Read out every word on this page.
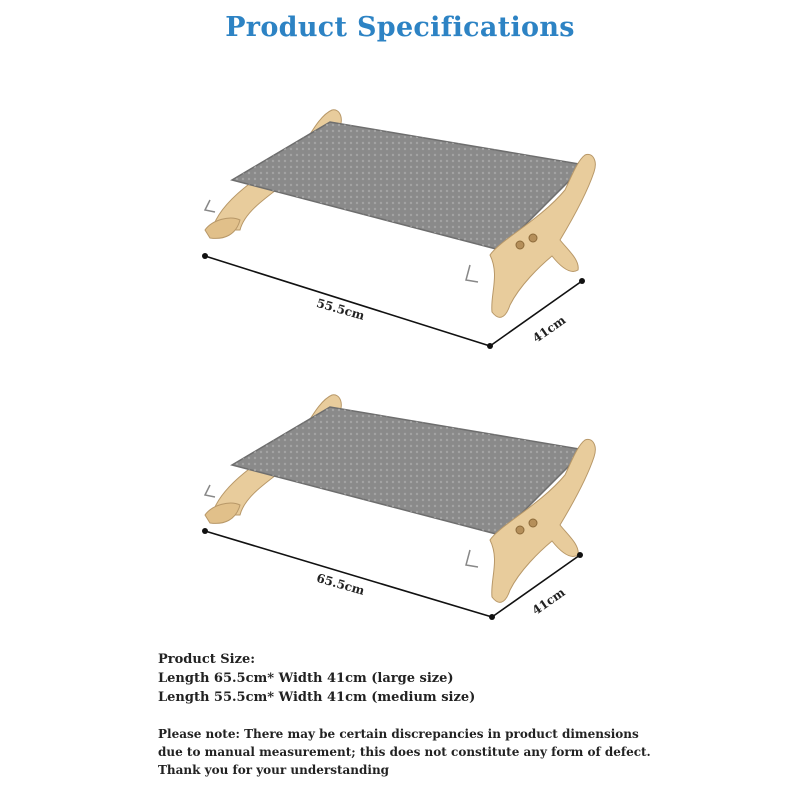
Product Specifications
55.5cm
41cm
65.5cm
41cm
Product Size:
Length 65.5cm* Width 41cm (large size)
Length 55.5cm* Width 41cm (medium size)
Please note: There may be certain discrepancies in product dimensions
due to manual measurement; this does not constitute any form of defect.
Thank you for your understanding
